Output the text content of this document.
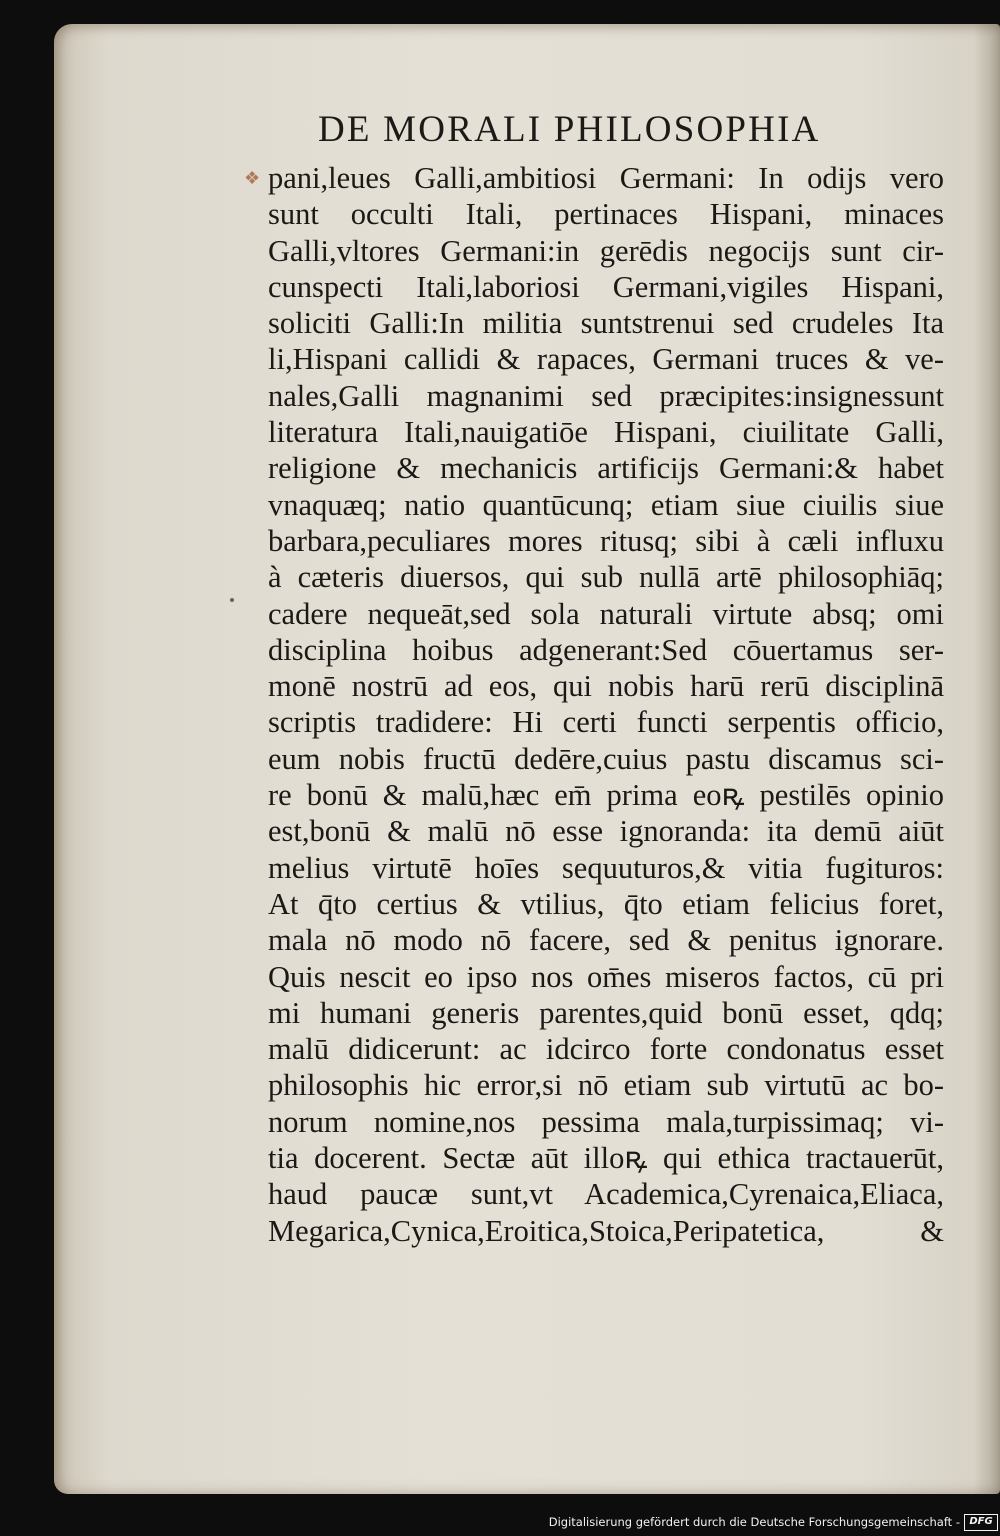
DE MORALI PHILOSOPHIA
❖ pani,leues Galli,ambitiosi Germani: In odijs vero
sunt occulti Itali, pertinaces Hispani, minaces
Galli,vltores Germani:in gerēdis negocijs sunt cir-
cunspecti Itali,laboriosi Germani,vigiles Hispani,
soliciti Galli:In militia suntstrenui sed crudeles Ita
li,Hispani callidi & rapaces, Germani truces & ve-
nales,Galli magnanimi sed præcipites:insignessunt
literatura Itali,nauigatiōe Hispani, ciuilitate Galli,
religione & mechanicis artificijs Germani:& habet
vnaquæq; natio quantūcunq; etiam siue ciuilis siue
barbara,peculiares mores ritusq; sibi à cæli influxu
à cæteris diuersos, qui sub nullā artē philosophiāq;
cadere nequeāt,sed sola naturali virtute absq; omi
disciplina hoibus adgenerant:Sed cōuertamus ser-
monē nostrū ad eos, qui nobis harū rerū disciplinā
scriptis tradidere: Hi certi functi serpentis officio,
eum nobis fructū dedēre,cuius pastu discamus sci-
re bonū & malū,hæc em̄ prima eoꝶ pestilēs opinio
est,bonū & malū nō esse ignoranda: ita demū aiūt
melius virtutē hoīes sequuturos,& vitia fugituros:
At q̄to certius & vtilius, q̄to etiam felicius foret,
mala nō modo nō facere, sed & penitus ignorare.
Quis nescit eo ipso nos om̄es miseros factos, cū pri
mi humani generis parentes,quid bonū esset, qdq;
malū didicerunt: ac idcirco forte condonatus esset
philosophis hic error,si nō etiam sub virtutū ac bo-
norum nomine,nos pessima mala,turpissimaq; vi-
tia docerent. Sectæ aūt illoꝶ qui ethica tractauerūt,
haud paucæ sunt,vt Academica,Cyrenaica,Eliaca,
Megarica,Cynica,Eroitica,Stoica,Peripatetica, &
Digitalisierung gefördert durch die Deutsche Forschungsgemeinschaft - DFG
